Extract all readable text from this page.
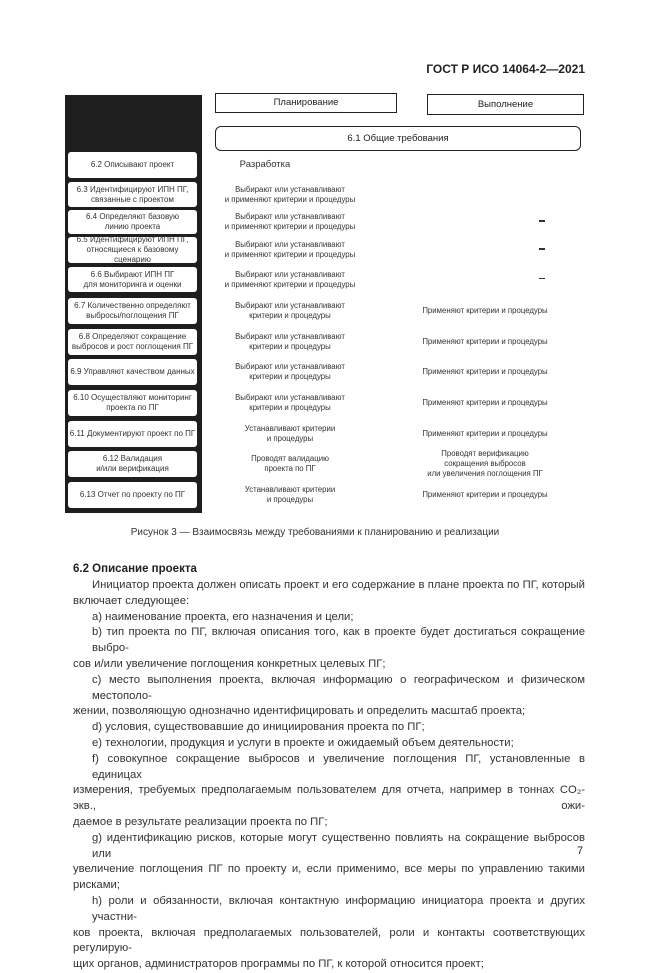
ГОСТ Р ИСО 14064-2—2021
Планирование	Выполнение
6.1 Общие требования
6.2 Описывают проект	Разработка
6.3 Идентифицируют ИПН ПГ,
связанные с проектом
Выбирают или устанавливают
и применяют критерии и процедуры
6.4 Определяют базовую
линию проекта
Выбирают или устанавливают
и применяют критерии и процедуры
6.5 Идентифицируют ИПН ПГ,
относящиеся к базовому сценарию
Выбирают или устанавливают
и применяют критерии и процедуры
6.6 Выбирают ИПН ПГ
для мониторинга и оценки
Выбирают или устанавливают
и применяют критерии и процедуры
6.7 Количественно определяют
выбросы/поглощения ПГ
Выбирают или устанавливают
критерии и процедуры
Применяют критерии и процедуры
6.8 Определяют сокращение
выбросов и рост поглощения ПГ
Выбирают или устанавливают
критерии и процедуры
Применяют критерии и процедуры
6.9 Управляют качеством данных
Выбирают или устанавливают
критерии и процедуры
Применяют критерии и процедуры
6.10 Осуществляют мониторинг
проекта по ПГ
Выбирают или устанавливают
критерии и процедуры
Применяют критерии и процедуры
6.11 Документируют проект по ПГ
Устанавливают критерии
и процедуры
Применяют критерии и процедуры
6.12 Валидация
и/или верификация
Проводят валидацию
проекта по ПГ
Проводят верификацию
сокращения выбросов
или увеличения поглощения ПГ
6.13 Отчет по проекту по ПГ
Устанавливают критерии
и процедуры
Применяют критерии и процедуры
Рисунок 3 — Взаимосвязь между требованиями к планированию и реализации
6.2 Описание проекта
Инициатор проекта должен описать проект и его содержание в плане проекта по ПГ, который
включает следующее:
a) наименование проекта, его назначения и цели;
b) тип проекта по ПГ, включая описания того, как в проекте будет достигаться сокращение выбро-
сов и/или увеличение поглощения конкретных целевых ПГ;
c) место выполнения проекта, включая информацию о географическом и физическом местополо-
жении, позволяющую однозначно идентифицировать и определить масштаб проекта;
d) условия, существовавшие до инициирования проекта по ПГ;
e) технологии, продукция и услуги в проекте и ожидаемый объем деятельности;
f) совокупное сокращение выбросов и увеличение поглощения ПГ, установленные в единицах
измерения, требуемых предполагаемым пользователем для отчета, например в тоннах CO₂-экв., ожи-
даемое в результате реализации проекта по ПГ;
g) идентификацию рисков, которые могут существенно повлиять на сокращение выбросов или
увеличение поглощения ПГ по проекту и, если применимо, все меры по управлению такими рисками;
h) роли и обязанности, включая контактную информацию инициатора проекта и других участни-
ков проекта, включая предполагаемых пользователей, роли и контакты соответствующих регулирую-
щих органов, администраторов программы по ПГ, к которой относится проект;
7
